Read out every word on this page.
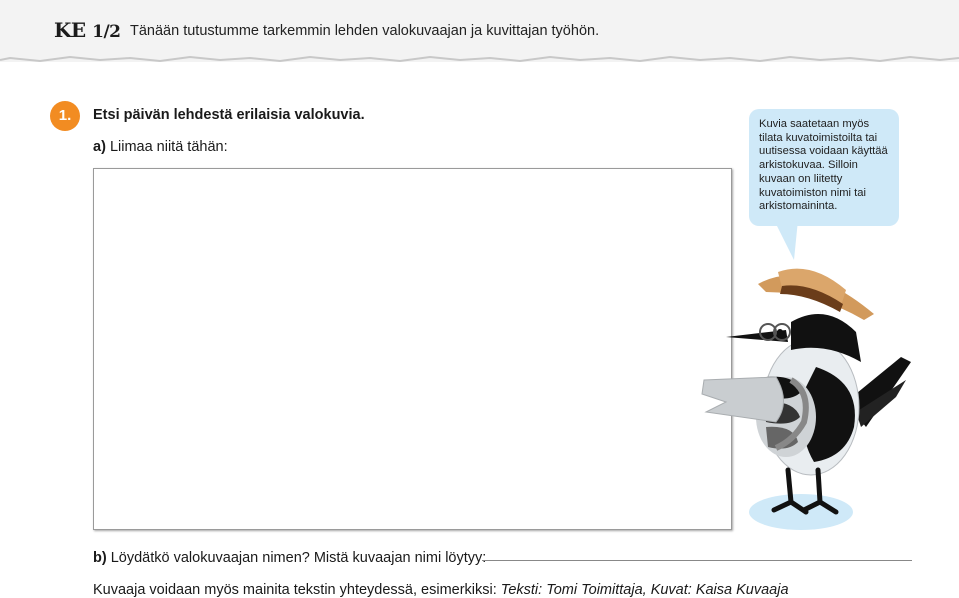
KE 1/2 Tänään tutustumme tarkemmin lehden valokuvaajan ja kuvittajan työhön.
1.	Etsi päivän lehdestä erilaisia valokuvia.
a) Liimaa niitä tähän:
Kuvia saatetaan myös tilata kuvatoimistoilta tai uutisessa voidaan käyttää arkistokuvaa. Silloin kuvaan on liitetty kuvatoimiston nimi tai arkistomaininta.
b) Löydätkö valokuvaajan nimen? Mistä kuvaajan nimi löytyy:
Kuvaaja voidaan myös mainita tekstin yhteydessä, esimerkiksi: Teksti: Tomi Toimittaja, Kuvat: Kaisa Kuvaaja
